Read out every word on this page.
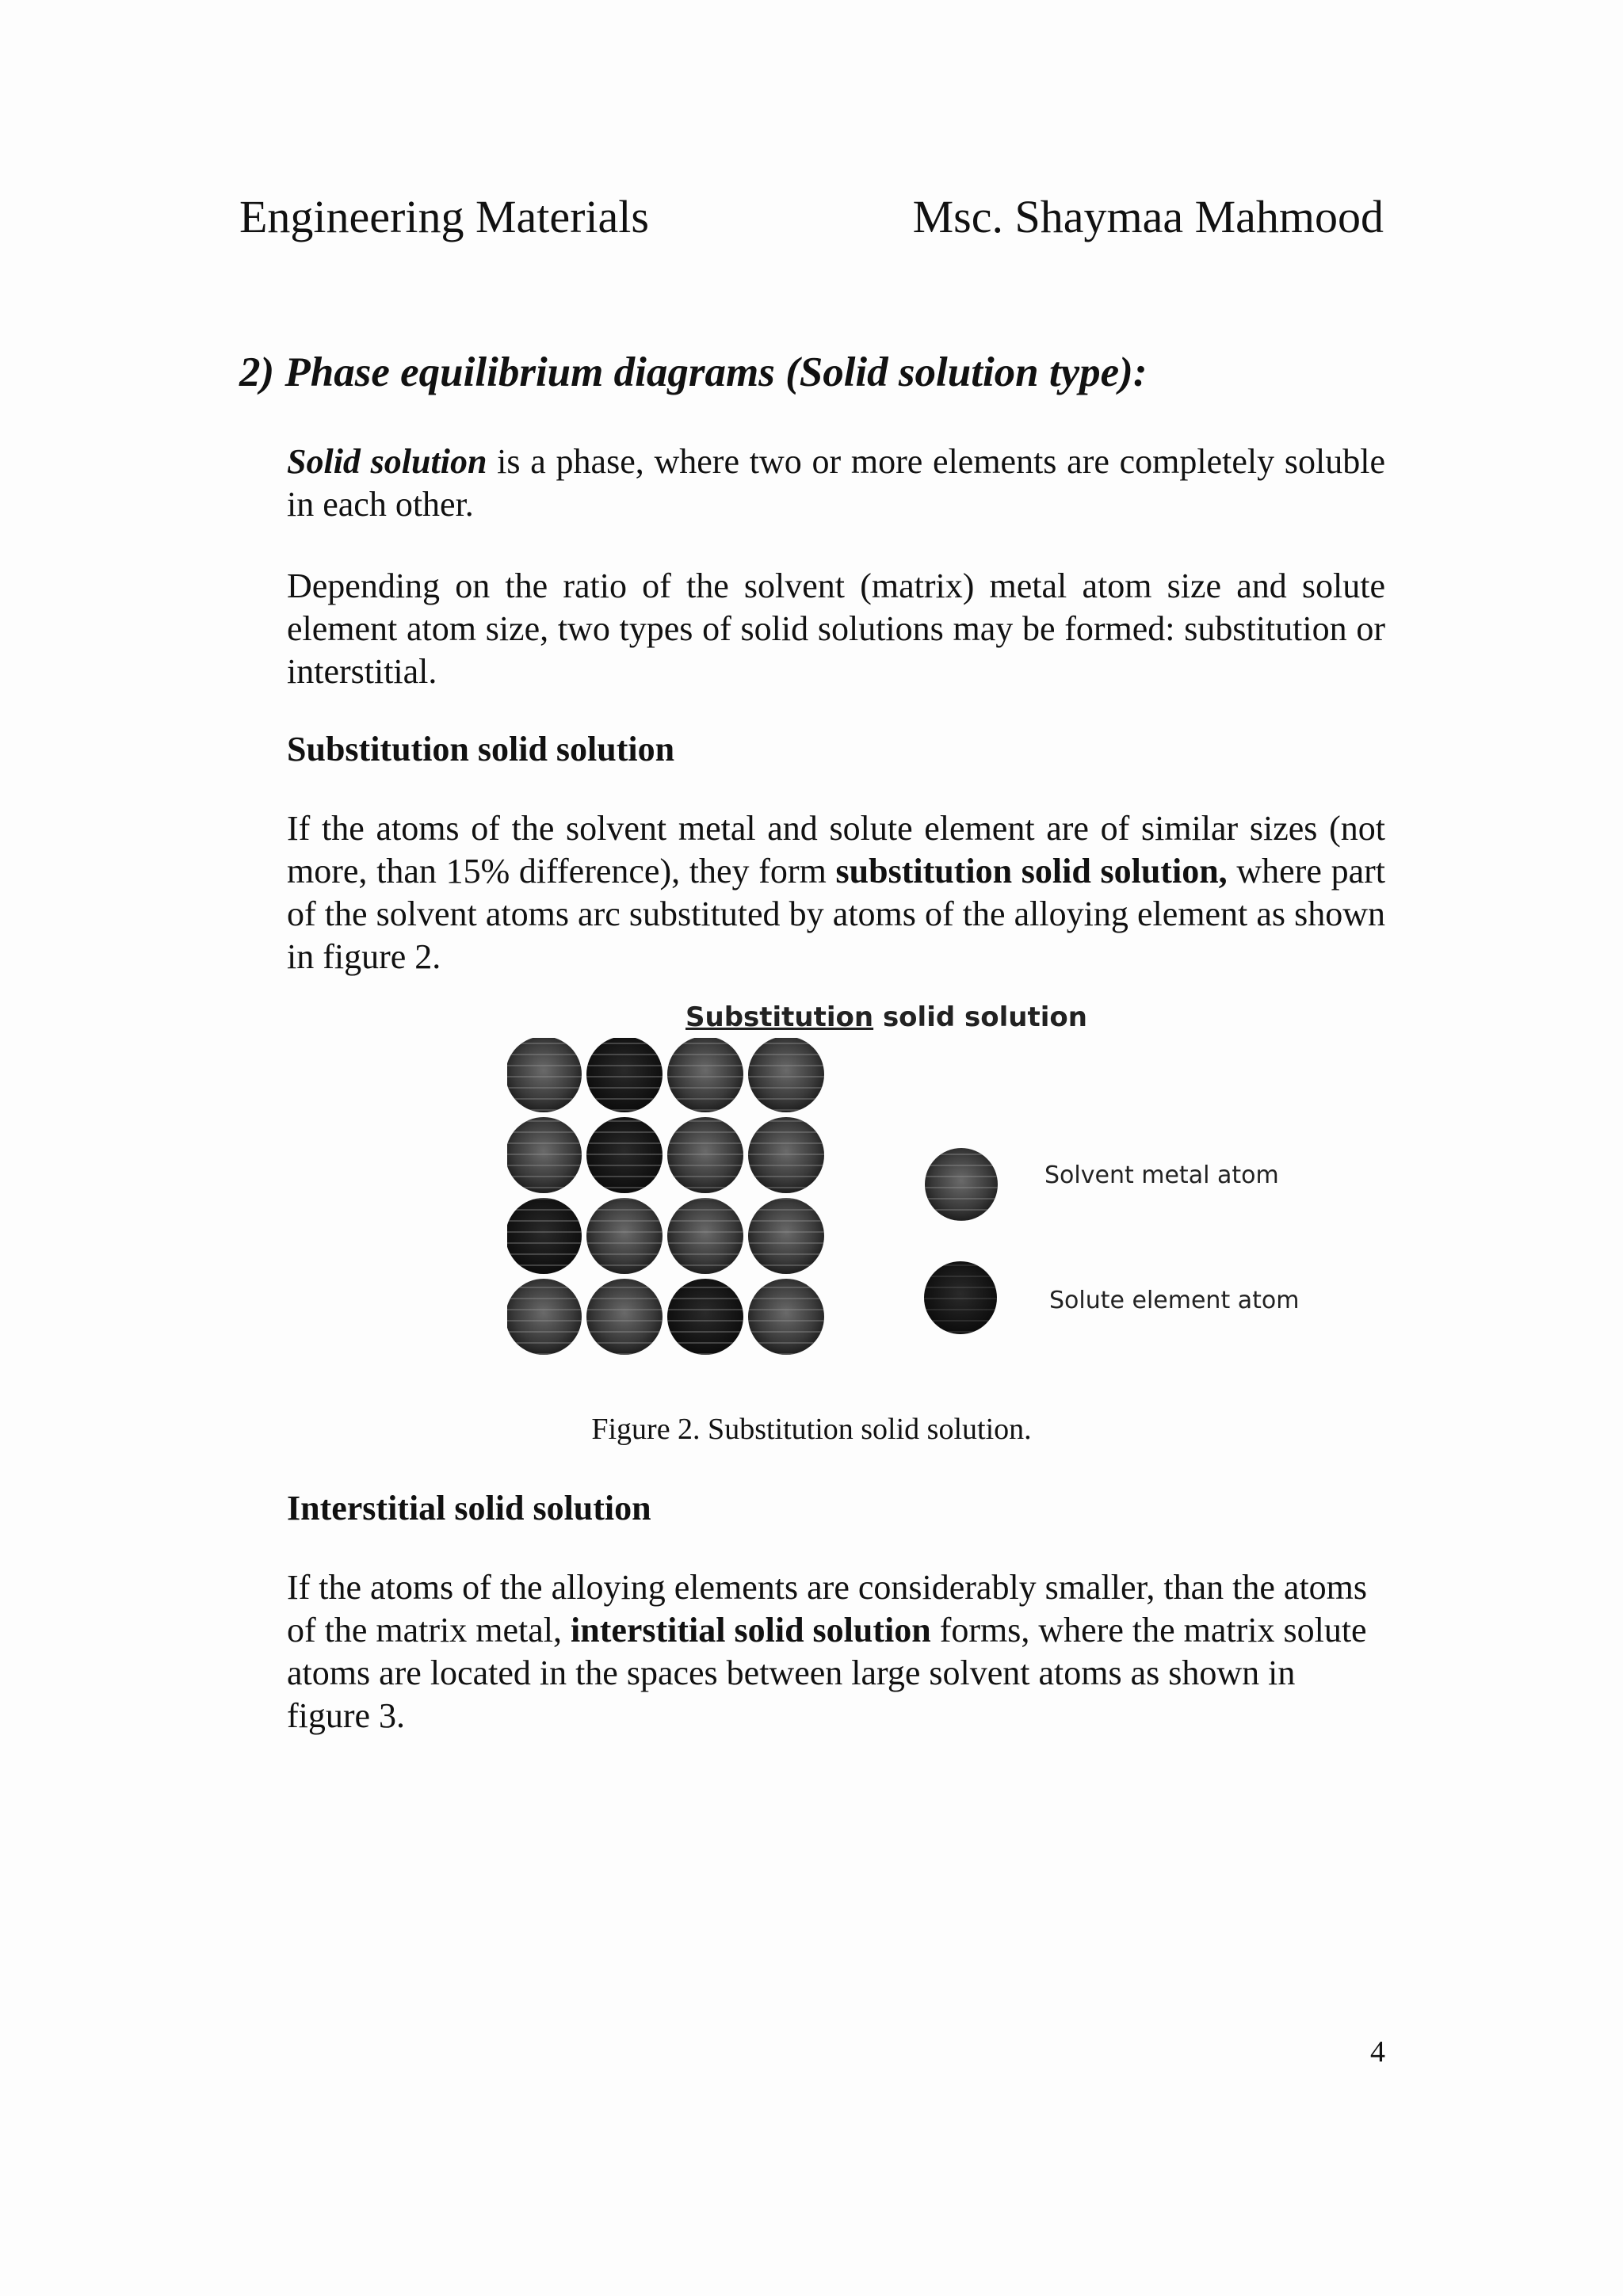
Engineering Materials	Msc. Shaymaa Mahmood
2) Phase equilibrium diagrams (Solid solution type):

Solid solution is a phase, where two or more elements are completely soluble in each other.

Depending on the ratio of the solvent (matrix) metal atom size and solute element atom size, two types of solid solutions may be formed: substitution or interstitial.

Substitution solid solution

If the atoms of the solvent metal and solute element are of similar sizes (not more, than 15% difference), they form substitution solid solution, where part of the solvent atoms arc substituted by atoms of the alloying element as shown in figure 2.

Substitution solid solution
Solvent metal atom
Solute element atom
Figure 2. Substitution solid solution.
Interstitial solid solution

If the atoms of the alloying elements are considerably smaller, than the atoms of the matrix metal, interstitial solid solution forms, where the matrix solute atoms are located in the spaces between large solvent atoms as shown in figure 3.

4
